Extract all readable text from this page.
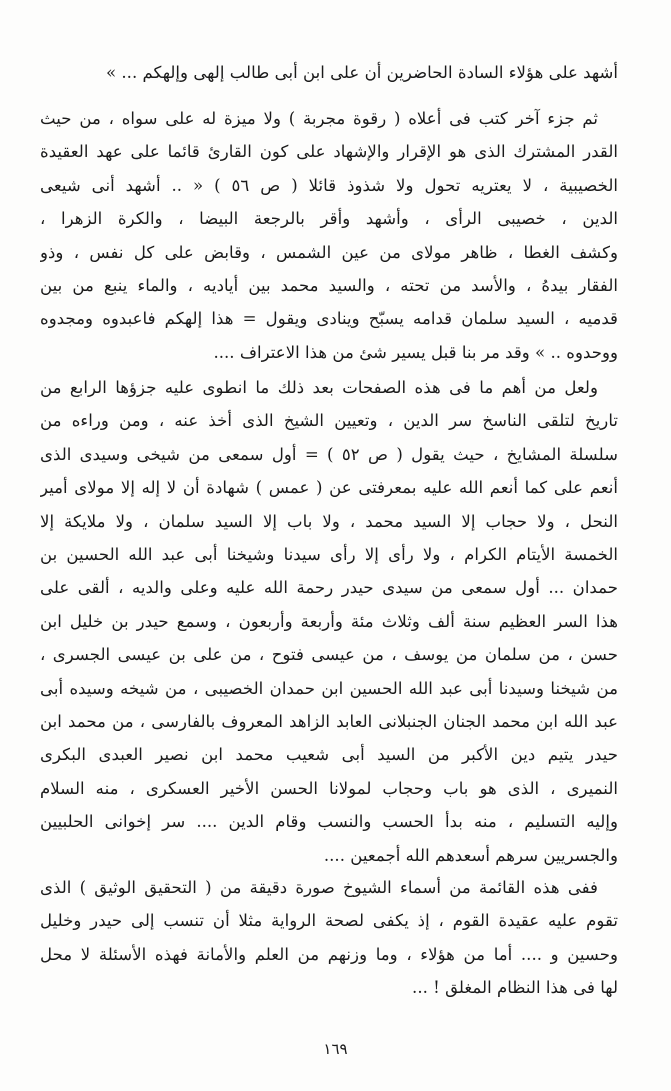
أشهد على هؤلاء السادة الحاضرين أن على ابن أبى طالب إلهى وإلهكم ... »
ثم جزء آخر كتب فى أعلاه ( رقوة مجربة ) ولا ميزة له على سواه ، من حيث
القدر المشترك الذى هو الإقرار والإشهاد على كون القارئ قائما على عهد العقيدة
الخصيبية ، لا يعتريه تحول ولا شذوذ قائلا ( ص ٥٦ ) « .. أشهد أنى شيعى
الدين ، خصيبى الرأى ، وأشهد وأقر بالرجعة البيضا ، والكرة الزهرا ،
وكشف الغطا ، ظاهر مولاى من عين الشمس ، وقابض على كل نفس ، وذو
الفقار بيدهُ ، والأسد من تحته ، والسيد محمد بين أياديه ، والماء ينبع من بين
قدميه ، السيد سلمان قدامه يسبّح وينادى ويقول = هذا إلهكم فاعبدوه ومجدوه
ووحدوه .. » وقد مر بنا قبل يسير شئ من هذا الاعتراف ....
ولعل من أهم ما فى هذه الصفحات بعد ذلك ما انطوى عليه جزؤها الرابع من
تاريخ لتلقى الناسخ سر الدين ، وتعيين الشيخ الذى أخذ عنه ، ومن وراءه من
سلسلة المشايخ ، حيث يقول ( ص ٥٢ ) = أول سمعى من شيخى وسيدى الذى
أنعم على كما أنعم الله عليه بمعرفتى عن ( عمس ) شهادة أن لا إله إلا مولاى أمير
النحل ، ولا حجاب إلا السيد محمد ، ولا باب إلا السيد سلمان ، ولا ملايكة إلا
الخمسة الأيتام الكرام ، ولا رأى إلا رأى سيدنا وشيخنا أبى عبد الله الحسين بن
حمدان ... أول سمعى من سيدى حيدر رحمة الله عليه وعلى والديه ، ألقى على
هذا السر العظيم سنة ألف وثلاث مئة وأربعة وأربعون ، وسمع حيدر بن خليل ابن
حسن ، من سلمان من يوسف ، من عيسى فتوح ، من على بن عيسى الجسرى ،
من شيخنا وسيدنا أبى عبد الله الحسين ابن حمدان الخصيبى ، من شيخه وسيده أبى
عبد الله ابن محمد الجنان الجنبلانى العابد الزاهد المعروف بالفارسى ، من محمد ابن
حيدر يتيم دين الأكبر من السيد أبى شعيب محمد ابن نصير العبدى البكرى
النميرى ، الذى هو باب وحجاب لمولانا الحسن الأخير العسكرى ، منه السلام
وإليه التسليم ، منه بدأ الحسب والنسب وقام الدين .... سر إخوانى الحلبيين
والجسريين سرهم أسعدهم الله أجمعين ....
ففى هذه القائمة من أسماء الشيوخ صورة دقيقة من ( التحقيق الوثيق ) الذى
تقوم عليه عقيدة القوم ، إذ يكفى لصحة الرواية مثلا أن تنسب إلى حيدر وخليل
وحسين و .... أما من هؤلاء ، وما وزنهم من العلم والأمانة فهذه الأسئلة لا محل
لها فى هذا النظام المغلق ! ...
١٦٩
